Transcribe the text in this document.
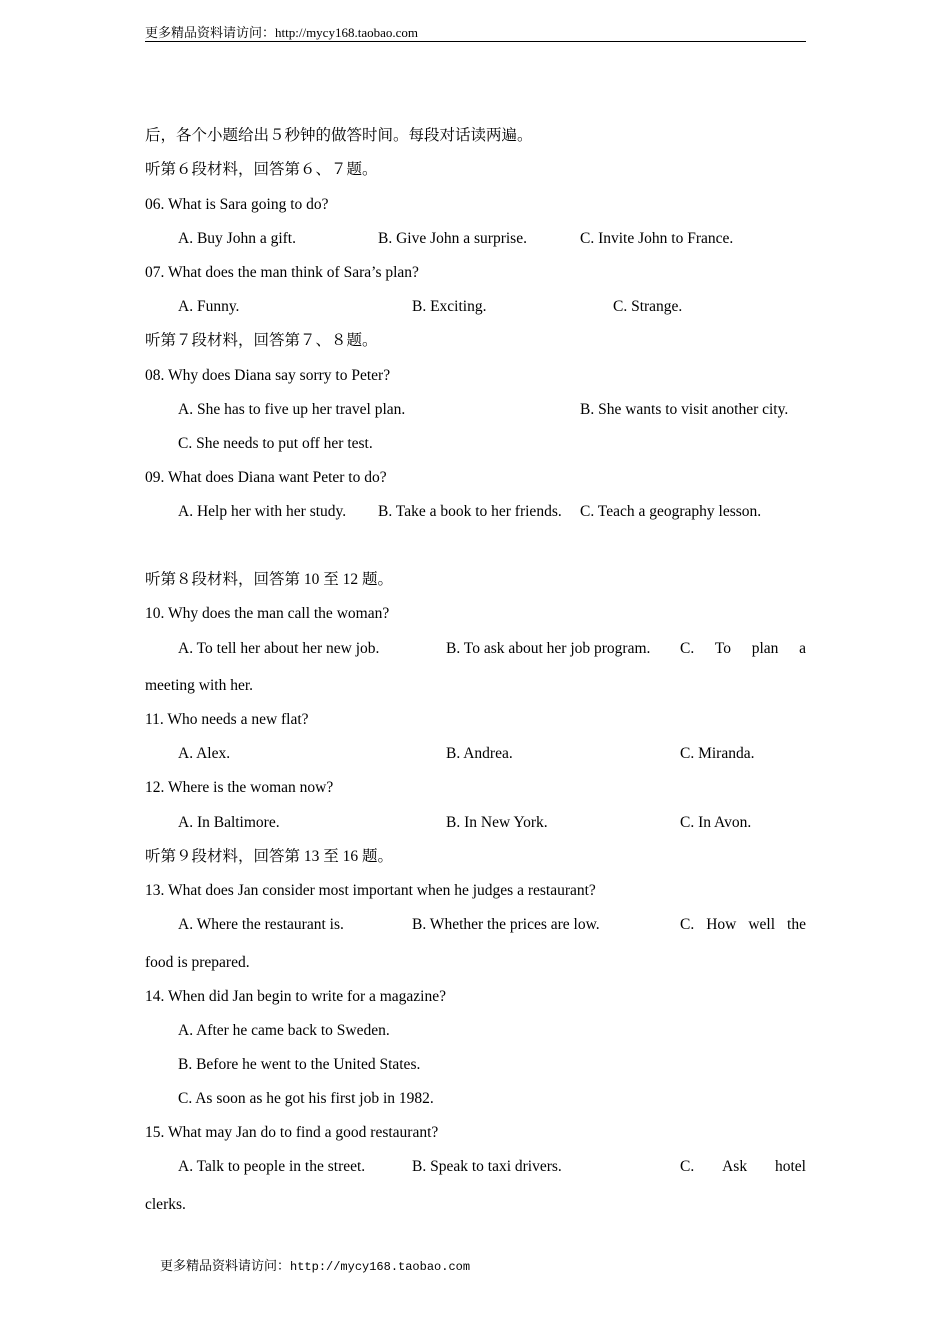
更多精品资料请访问：http://mycy168.taobao.com
后，各个小题给出５秒钟的做答时间。每段对话读两遍。
听第６段材料，回答第６、７题。
06. What is Sara going to do?
A. Buy John a gift.	B. Give John a surprise.	C. Invite John to France.
07. What does the man think of Sara’s plan?
A. Funny.	B. Exciting.	C. Strange.
听第７段材料，回答第７、８题。
08. Why does Diana say sorry to Peter?
A. She has to five up her travel plan.	B. She wants to visit another city.
C. She needs to put off her test.
09. What does Diana want Peter to do?
A. Help her with her study. B. Take a book to her friends. C. Teach a geography lesson.
听第８段材料，回答第 10 至 12 题。
10. Why does the man call the woman?
A. To tell her about her new job.	B. To ask about her job program. C. To plan a
meeting with her.
11. Who needs a new flat?
A. Alex.	B. Andrea.	C. Miranda.
12. Where is the woman now?
A. In Baltimore.	B. In New York.	C. In Avon.
听第９段材料，回答第 13 至 16 题。
13. What does Jan consider most important when he judges a restaurant?
A. Where the restaurant is.	B. Whether the prices are low.	C. How well the
food is prepared.
14. When did Jan begin to write for a magazine?
A. After he came back to Sweden.
B. Before he went to the United States.
C. As soon as he got his first job in 1982.
15. What may Jan do to find a good restaurant?
A. Talk to people in the street.	B. Speak to taxi drivers.	C. Ask hotel
clerks.
更多精品资料请访问：http://mycy168.taobao.com
